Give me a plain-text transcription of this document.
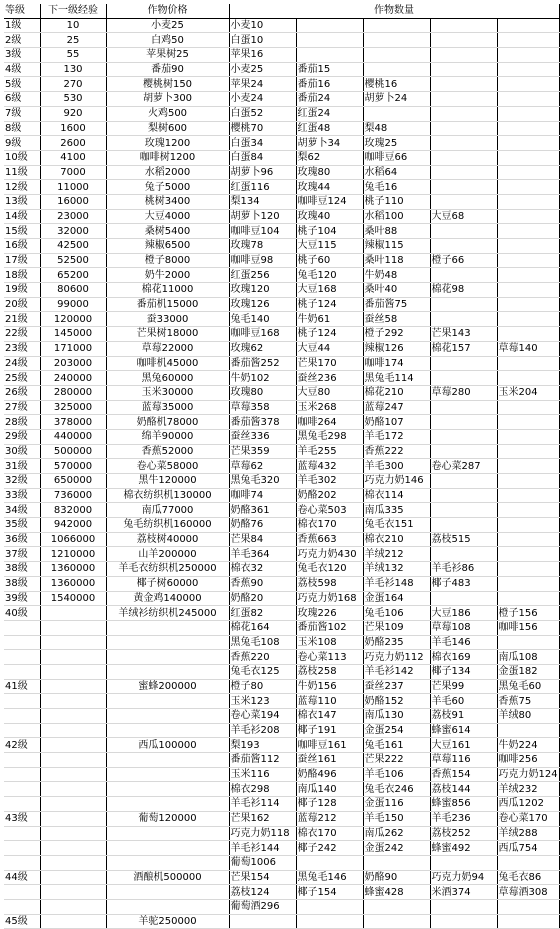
等级	下一级经验	作物价格	作物数量				
1级	10	小麦25	小麦10				
2级	25	白鸡50	白蛋10				
3级	55	苹果树25	苹果16				
4级	130	番茄90	小麦25	番茄15			
5级	270	樱桃树150	苹果24	番茄16	樱桃16		
6级	530	胡萝卜300	小麦24	番茄24	胡萝卜24		
7级	920	火鸡500	白蛋52	红蛋24			
8级	1600	梨树600	樱桃70	红蛋48	梨48		
9级	2600	玫瑰1200	白蛋34	胡萝卜34	玫瑰25		
10级	4100	咖啡树1200	白蛋84	梨62	咖啡豆66		
11级	7000	水稻2000	胡萝卜96	玫瑰80	水稻64		
12级	11000	兔子5000	红蛋116	玫瑰44	兔毛16		
13级	16000	桃树3400	梨134	咖啡豆124	桃子110		
14级	23000	大豆4000	胡萝卜120	玫瑰40	水稻100	大豆68	
15级	32000	桑树5400	咖啡豆104	桃子104	桑叶88		
16级	42500	辣椒6500	玫瑰78	大豆115	辣椒115		
17级	52500	橙子8000	咖啡豆98	桃子60	桑叶118	橙子66	
18级	65200	奶牛2000	红蛋256	兔毛120	牛奶48		
19级	80600	棉花11000	玫瑰120	大豆168	桑叶40	棉花98	
20级	99000	番茄机15000	玫瑰126	桃子124	番茄酱75		
21级	120000	蚕33000	兔毛140	牛奶61	蚕丝58		
22级	145000	芒果树18000	咖啡豆168	桃子124	橙子292	芒果143	
23级	171000	草莓22000	玫瑰62	大豆44	辣椒126	棉花157	草莓140
24级	203000	咖啡机45000	番茄酱252	芒果170	咖啡174		
25级	240000	黑兔60000	牛奶102	蚕丝236	黑兔毛114		
26级	280000	玉米30000	玫瑰80	大豆80	棉花210	草莓280	玉米204
27级	325000	蓝莓35000	草莓358	玉米268	蓝莓247		
28级	378000	奶酪机78000	番茄酱378	咖啡264	奶酪107		
29级	440000	绵羊90000	蚕丝336	黑兔毛298	羊毛172		
30级	500000	香蕉52000	芒果359	羊毛255	香蕉222		
31级	570000	卷心菜58000	草莓62	蓝莓432	羊毛300	卷心菜287	
32级	650000	黑牛120000	黑兔毛320	羊毛302	巧克力奶146		
33级	736000	棉衣纺织机130000	咖啡74	奶酪202	棉衣114		
34级	832000	南瓜77000	奶酪361	卷心菜503	南瓜335		
35级	942000	兔毛纺织机160000	奶酪76	棉衣170	兔毛衣151		
36级	1066000	荔枝树40000	芒果84	香蕉663	棉衣210	荔枝515	
37级	1210000	山羊200000	羊毛364	巧克力奶430	羊绒212		
38级	1360000	羊毛衣纺织机250000	棉衣32	兔毛衣120	羊绒132	羊毛衫86	
38级	1360000	椰子树60000	香蕉90	荔枝598	羊毛衫148	椰子483	
39级	1540000	黄金鸡140000	奶酪20	巧克力奶168	金蛋164		
40级		羊绒衫纺织机245000	红蛋82	玫瑰226	兔毛106	大豆186	橙子156
			棉花164	番茄酱102	芒果109	草莓108	咖啡156
			黑兔毛108	玉米108	奶酪235	羊毛146	
			香蕉220	卷心菜113	巧克力奶112	棉衣169	南瓜108
			兔毛衣125	荔枝258	羊毛衫142	椰子134	金蛋182
41级		蜜蜂200000	橙子80	牛奶156	蚕丝237	芒果99	黑兔毛60
			玉米123	蓝莓110	奶酪152	羊毛60	香蕉75
			卷心菜194	棉衣147	南瓜130	荔枝91	羊绒80
			羊毛衫208	椰子191	金蛋254	蜂蜜614	
42级		西瓜100000	梨193	咖啡豆161	兔毛161	大豆161	牛奶224
			番茄酱112	蚕丝161	芒果222	草莓116	咖啡256
			玉米116	奶酪496	羊毛106	香蕉154	巧克力奶124
			棉衣298	南瓜140	兔毛衣246	荔枝144	羊绒232
			羊毛衫114	椰子128	金蛋116	蜂蜜856	西瓜1202
43级		葡萄120000	芒果162	蓝莓212	羊毛150	羊毛236	卷心菜170
			巧克力奶118	棉衣170	南瓜262	荔枝252	羊绒288
			羊毛衫144	椰子242	金蛋242	蜂蜜492	西瓜754
			葡萄1006				
44级		酒酿机500000	芒果154	黑兔毛146	奶酪90	巧克力奶94	兔毛衣86
			荔枝124	椰子154	蜂蜜428	米酒374	草莓酒308
			葡萄酒296				
45级		羊驼250000					
